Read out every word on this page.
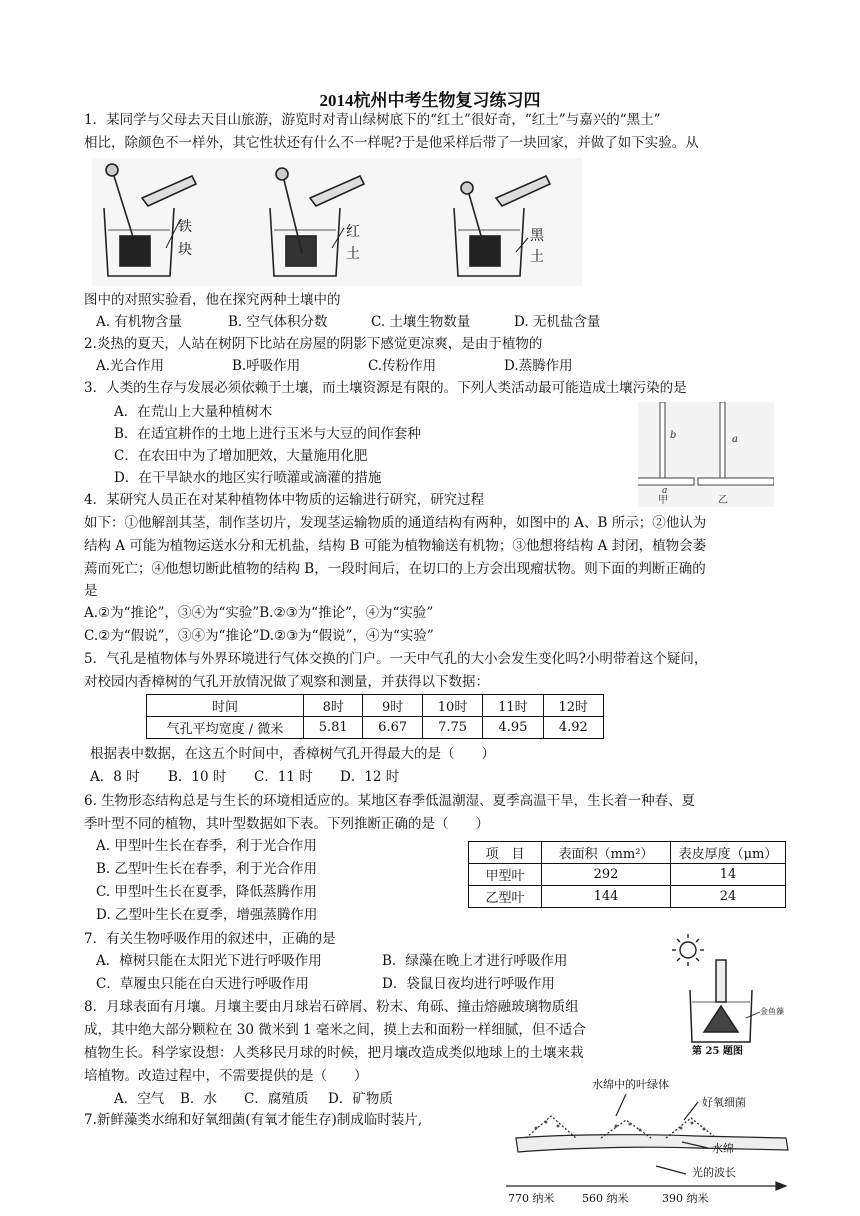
2014杭州中考生物复习练习四
1．某同学与父母去天目山旅游，游览时对青山绿树底下的“红土”很好奇，“红土”与嘉兴的“黑土”
相比，除颜色不一样外，其它性状还有什么不一样呢?于是他采样后带了一块回家，并做了如下实验。从
铁
块
红
土
黑
土
图中的对照实验看，他在探究两种土壤中的
A. 有机物含量	B. 空气体积分数	C. 土壤生物数量	D. 无机盐含量
2.炎热的夏天，人站在树阴下比站在房屋的阴影下感觉更凉爽，是由于植物的
A.光合作用	B.呼吸作用	C.传粉作用	D.蒸腾作用
3．人类的生存与发展必须依赖于土壤，而土壤资源是有限的。下列人类活动最可能造成土壤污染的是
A．在荒山上大量种植树木
B．在适宜耕作的土地上进行玉米与大豆的间作套种
C．在农田中为了增加肥效，大量施用化肥
D．在干旱缺水的地区实行喷灌或滴灌的措施
b
a
甲
a
乙
4．某研究人员正在对某种植物体中物质的运输进行研究，研究过程
如下：①他解剖其茎，制作茎切片，发现茎运输物质的通道结构有两种，如图中的 A、B 所示；②他认为
结构 A 可能为植物运送水分和无机盐，结构 B 可能为植物输送有机物；③他想将结构 A 封闭，植物会萎
蔫而死亡；④他想切断此植物的结构 B，一段时间后，在切口的上方会出现瘤状物。则下面的判断正确的
是
A.②为“推论”，③④为“实验”B.②③为“推论”，④为“实验”
C.②为“假说”，③④为“推论”D.②③为“假说”，④为“实验”
5．气孔是植物体与外界环境进行气体交换的门户。一天中气孔的大小会发生变化吗?小明带着这个疑问，
对校园内香樟树的气孔开放情况做了观察和测量，并获得以下数据：
时间	8时	9时	10时	11时	12时
气孔平均宽度 / 微米	5.81	6.67	7.75	4.95	4.92
根据表中数据，在这五个时间中，香樟树气孔开得最大的是（　　）
A．8 时 B．10 时 C．11 时 D．12 时
6. 生物形态结构总是与生长的环境相适应的。某地区春季低温潮湿、夏季高温干旱，生长着一种春、夏
季叶型不同的植物，其叶型数据如下表。下列推断正确的是（　　）
A. 甲型叶生长在春季，利于光合作用
B. 乙型叶生长在春季，利于光合作用
C. 甲型叶生长在夏季，降低蒸腾作用
D. 乙型叶生长在夏季，增强蒸腾作用
项　目	表面积（mm²）	表皮厚度（μm）
甲型叶	292	14
乙型叶	144	24
7．有关生物呼吸作用的叙述中，正确的是
A．樟树只能在太阳光下进行呼吸作用	B．绿藻在晚上才进行呼吸作用
C．草履虫只能在白天进行呼吸作用	D．袋鼠日夜均进行呼吸作用
金鱼藻
第 25 题图
8．月球表面有月壤。月壤主要由月球岩石碎屑、粉末、角砾、撞击熔融玻璃物质组
成，其中绝大部分颗粒在 30 微米到 1 毫米之间，摸上去和面粉一样细腻，但不适合
植物生长。科学家设想：人类移民月球的时候，把月壤改造成类似地球上的土壤来栽
培植物。改造过程中，不需要提供的是（　　）
A．空气 B．水 C．腐殖质 D．矿物质
7.新鲜藻类水绵和好氧细菌(有氧才能生存)制成临时装片,
水绵中的叶绿体
好氧细菌
水绵
光的波长
770 纳米	560 纳米	390 纳米
